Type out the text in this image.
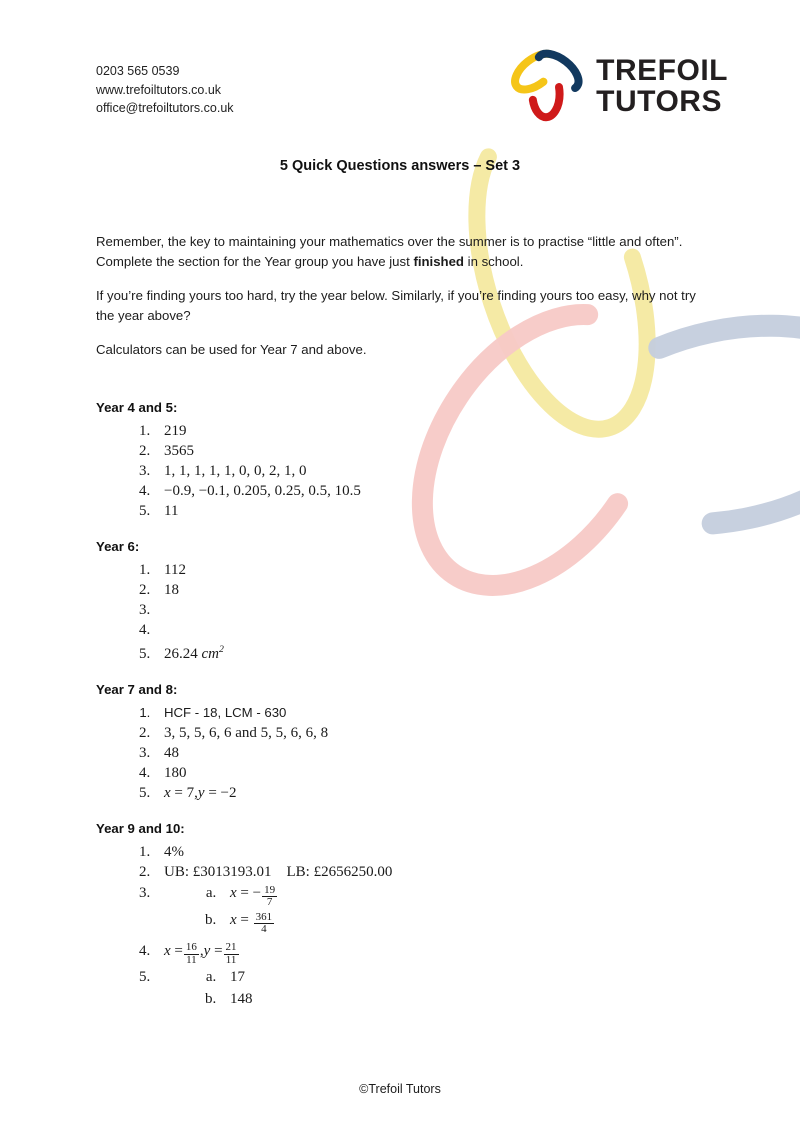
0203 565 0539
www.trefoiltutors.co.uk
office@trefoiltutors.co.uk
TREFOIL
TUTORS
5 Quick Questions answers – Set 3

Remember, the key to maintaining your mathematics over the summer is to practise “little and often”. Complete the section for the Year group you have just finished in school.

If you’re finding yours too hard, try the year below. Similarly, if you’re finding yours too easy, why not try the year above?

Calculators can be used for Year 7 and above.

Year 4 and 5:

1. 219
2. 3565
3. 1, 1, 1, 1, 1, 0, 0, 2, 1, 0
4. −0.9, −0.1, 0.205, 0.25, 0.5, 10.5
5. 11

Year 6:

1. 112
2. 18
3.
4.
5. 26.24 $cm^2$

Year 7 and 8:

1. HCF - 18, LCM - 630
2. 3, 5, 5, 6, 6 and 5, 5, 6, 6, 8
3. 48
4. 180
5. x = 7,y = −2

Year 9 and 10:

1. 4%
2. UB: £3013193.01 LB: £2656250.00
a. 3. x = − $\frac{19}{7}$
b. $x = \frac{361}{4}$
4. $x = \frac{16}{11} ,y = \frac{21}{11}$
a. 5. 17
b. 148
©Trefoil Tutors
